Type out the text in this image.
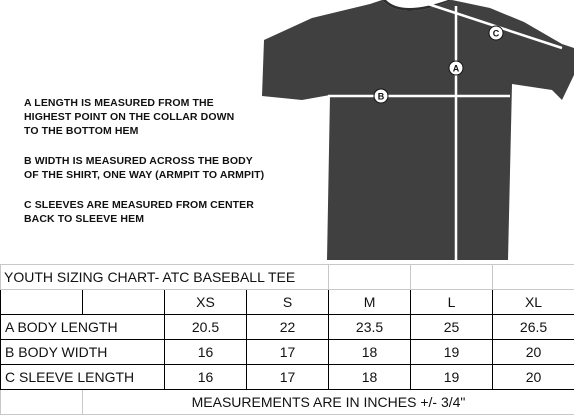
A LENGTH IS MEASURED FROM THE
HIGHEST POINT ON THE COLLAR DOWN
TO THE BOTTOM HEM
B WIDTH IS MEASURED ACROSS THE BODY
OF THE SHIRT, ONE WAY (ARMPIT TO ARMPIT)
C SLEEVES ARE MEASURED FROM CENTER
BACK TO SLEEVE HEM
A
B
C
YOUTH SIZING CHART- ATC BASEBALL TEE						
		XS	S	M	L	XL
A BODY LENGTH		20.5	22	23.5	25	26.5
B BODY WIDTH		16	17	18	19	20
C SLEEVE LENGTH		16	17	18	19	20
	MEASUREMENTS ARE IN INCHES +/- 3/4"					
